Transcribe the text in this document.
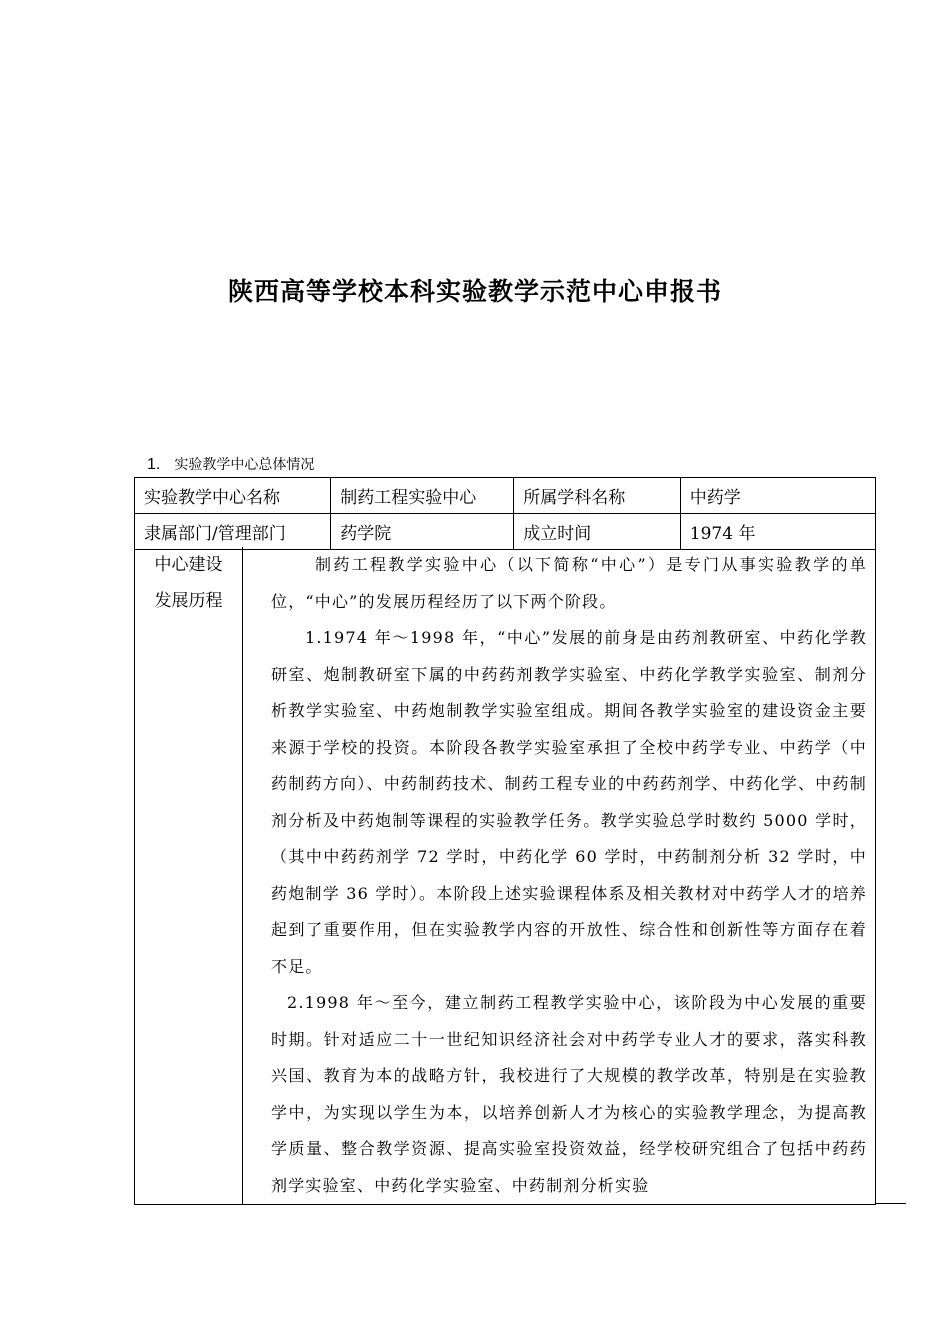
陕西高等学校本科实验教学示范中心申报书
1. 实验教学中心总体情况
实验教学中心名称	制药工程实验中心	所属学科名称	中药学
隶属部门/管理部门	药学院	成立时间	1974 年
中心建设
发展历程

制药工程教学实验中心（以下简称“中心”）是专门从事实验教学的单位，“中心”的发展历程经历了以下两个阶段。

1.1974 年～1998 年，“中心”发展的前身是由药剂教研室、中药化学教研室、炮制教研室下属的中药药剂教学实验室、中药化学教学实验室、制剂分析教学实验室、中药炮制教学实验室组成。期间各教学实验室的建设资金主要来源于学校的投资。本阶段各教学实验室承担了全校中药学专业、中药学（中药制药方向）、中药制药技术、制药工程专业的中药药剂学、中药化学、中药制剂分析及中药炮制等课程的实验教学任务。教学实验总学时数约 5000 学时，（其中中药药剂学 72 学时，中药化学 60 学时，中药制剂分析 32 学时，中药炮制学 36 学时）。本阶段上述实验课程体系及相关教材对中药学人才的培养起到了重要作用，但在实验教学内容的开放性、综合性和创新性等方面存在着不足。

2.1998 年～至今，建立制药工程教学实验中心，该阶段为中心发展的重要时期。针对适应二十一世纪知识经济社会对中药学专业人才的要求，落实科教兴国、教育为本的战略方针，我校进行了大规模的教学改革，特别是在实验教学中，为实现以学生为本，以培养创新人才为核心的实验教学理念，为提高教学质量、整合教学资源、提高实验室投资效益，经学校研究组合了包括中药药剂学实验室、中药化学实验室、中药制剂分析实验
